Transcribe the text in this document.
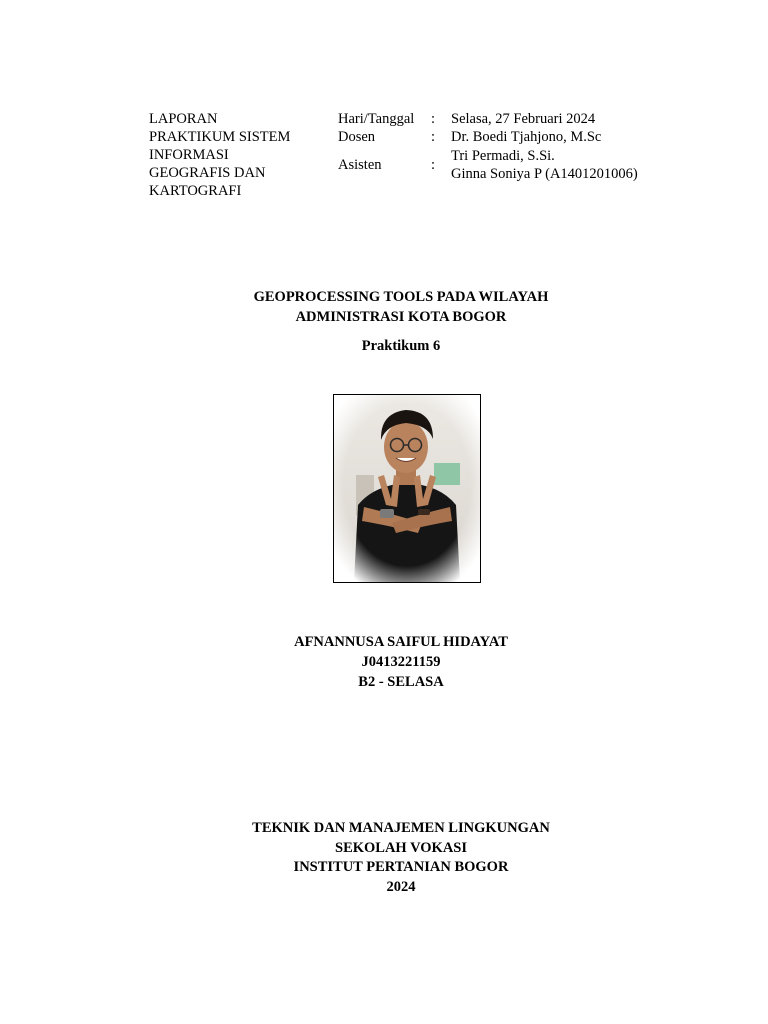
LAPORAN
PRAKTIKUM SISTEM
INFORMASI
GEOGRAFIS DAN
KARTOGRAFI
Hari/Tanggal	:	Selasa, 27 Februari 2024
Dosen	:	Dr. Boedi Tjahjono, M.Sc
Asisten	:	Tri Permadi, S.Si.
Ginna Soniya P (A1401201006)
GEOPROCESSING TOOLS PADA WILAYAH
ADMINISTRASI KOTA BOGOR
Praktikum 6
AFNANNUSA SAIFUL HIDAYAT
J0413221159
B2 - SELASA
TEKNIK DAN MANAJEMEN LINGKUNGAN
SEKOLAH VOKASI
INSTITUT PERTANIAN BOGOR
2024
